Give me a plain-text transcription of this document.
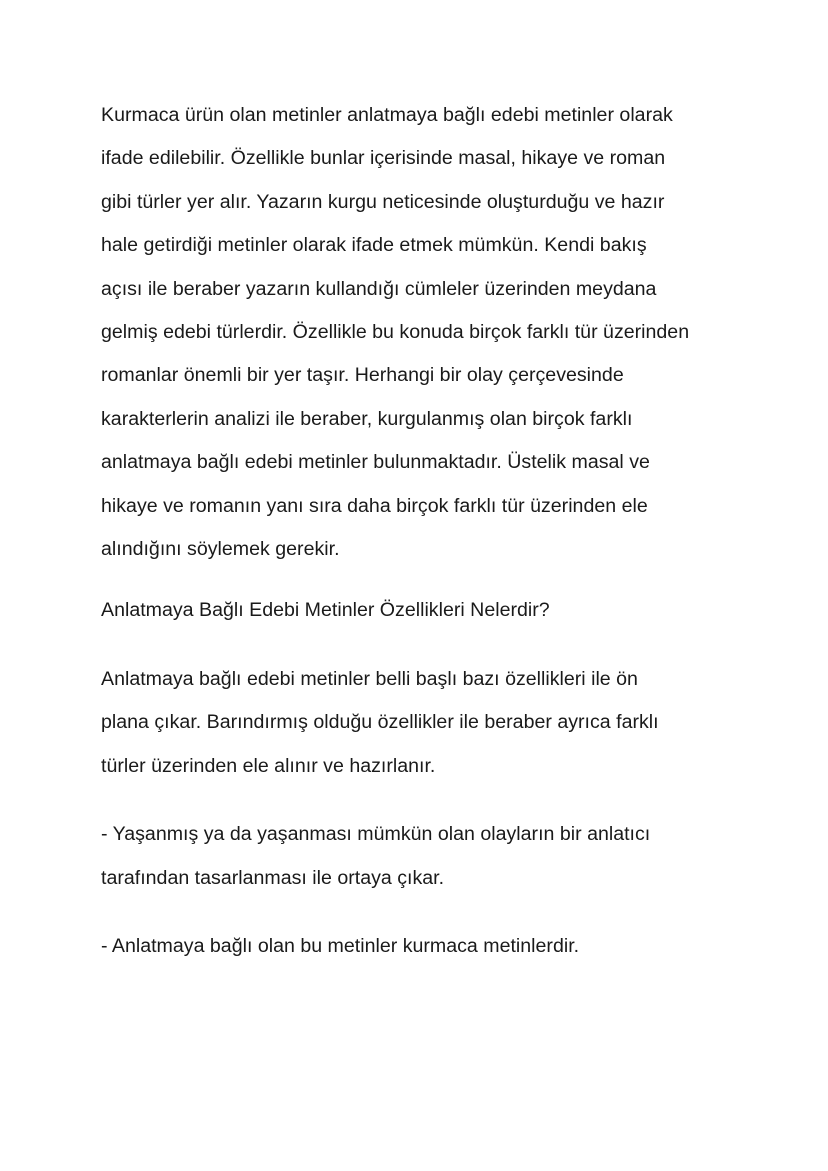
Kurmaca ürün olan metinler anlatmaya bağlı edebi metinler olarak
ifade edilebilir. Özellikle bunlar içerisinde masal, hikaye ve roman
gibi türler yer alır. Yazarın kurgu neticesinde oluşturduğu ve hazır
hale getirdiği metinler olarak ifade etmek mümkün. Kendi bakış
açısı ile beraber yazarın kullandığı cümleler üzerinden meydana
gelmiş edebi türlerdir. Özellikle bu konuda birçok farklı tür üzerinden
romanlar önemli bir yer taşır. Herhangi bir olay çerçevesinde
karakterlerin analizi ile beraber, kurgulanmış olan birçok farklı
anlatmaya bağlı edebi metinler bulunmaktadır. Üstelik masal ve
hikaye ve romanın yanı sıra daha birçok farklı tür üzerinden ele
alındığını söylemek gerekir.

Anlatmaya Bağlı Edebi Metinler Özellikleri Nelerdir?

Anlatmaya bağlı edebi metinler belli başlı bazı özellikleri ile ön
plana çıkar. Barındırmış olduğu özellikler ile beraber ayrıca farklı
türler üzerinden ele alınır ve hazırlanır.

- Yaşanmış ya da yaşanması mümkün olan olayların bir anlatıcı
tarafından tasarlanması ile ortaya çıkar.

- Anlatmaya bağlı olan bu metinler kurmaca metinlerdir.
